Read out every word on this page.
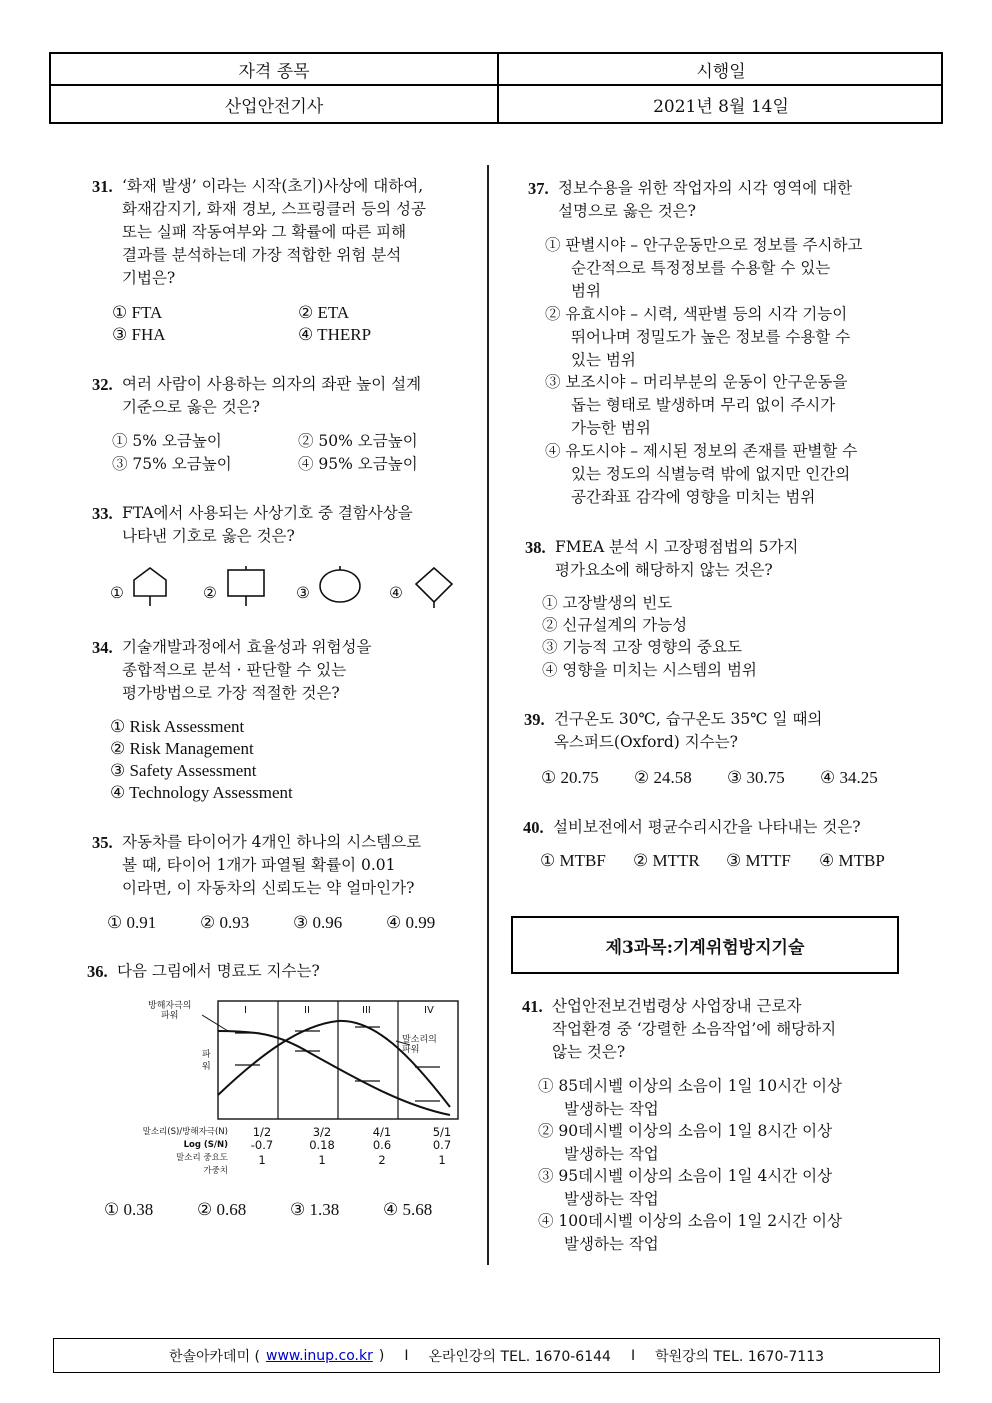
자격 종목	시행일
산업안전기사	2021년 8월 14일
31. ‘화재 발생’ 이라는 시작(초기)사상에 대하여,
화재감지기, 화재 경보, 스프링클러 등의 성공
또는 실패 작동여부와 그 확률에 따른 피해
결과를 분석하는데 가장 적합한 위험 분석
기법은?
① FTA	② ETA
③ FHA	④ THERP
32. 여러 사람이 사용하는 의자의 좌판 높이 설계
기준으로 옳은 것은?
① 5% 오금높이	② 50% 오금높이
③ 75% 오금높이	④ 95% 오금높이
33. FTA에서 사용되는 사상기호 중 결함사상을
나타낸 기호로 옳은 것은?
①	②	③	④
34. 기술개발과정에서 효율성과 위험성을
종합적으로 분석 · 판단할 수 있는
평가방법으로 가장 적절한 것은?
① Risk Assessment
② Risk Management
③ Safety Assessment
④ Technology Assessment
35. 자동차를 타이어가 4개인 하나의 시스템으로
볼 때, 타이어 1개가 파열될 확률이 0.01
이라면, 이 자동차의 신뢰도는 약 얼마인가?
① 0.91	② 0.93	③ 0.96	④ 0.99
36. 다음 그림에서 명료도 지수는?
방해자극의
파워
파
워
말소리의
파워
I	II	III	IV
말소리(S)/방해자극(N)
Log (S/N)
말소리 중요도
가중치
1/2	3/2	4/1	5/1
-0.7	0.18	0.6	0.7
1	1	2	1
① 0.38	② 0.68	③ 1.38	④ 5.68
37. 정보수용을 위한 작업자의 시각 영역에 대한
설명으로 옳은 것은?
① 판별시야 – 안구운동만으로 정보를 주시하고
순간적으로 특정정보를 수용할 수 있는
범위
② 유효시야 – 시력, 색판별 등의 시각 기능이
뛰어나며 정밀도가 높은 정보를 수용할 수
있는 범위
③ 보조시야 – 머리부분의 운동이 안구운동을
돕는 형태로 발생하며 무리 없이 주시가
가능한 범위
④ 유도시야 – 제시된 정보의 존재를 판별할 수
있는 정도의 식별능력 밖에 없지만 인간의
공간좌표 감각에 영향을 미치는 범위
38. FMEA 분석 시 고장평점법의 5가지
평가요소에 해당하지 않는 것은?
① 고장발생의 빈도
② 신규설계의 가능성
③ 기능적 고장 영향의 중요도
④ 영향을 미치는 시스템의 범위
39. 건구온도 30℃, 습구온도 35℃ 일 때의
옥스퍼드(Oxford) 지수는?
① 20.75 ② 24.58 ③ 30.75 ④ 34.25
40. 설비보전에서 평균수리시간을 나타내는 것은?
① MTBF ② MTTR ③ MTTF ④ MTBP
제3과목:기계위험방지기술
41. 산업안전보건법령상 사업장내 근로자
작업환경 중 ‘강렬한 소음작업’에 해당하지
않는 것은?
① 85데시벨 이상의 소음이 1일 10시간 이상
발생하는 작업
② 90데시벨 이상의 소음이 1일 8시간 이상
발생하는 작업
③ 95데시벨 이상의 소음이 1일 4시간 이상
발생하는 작업
④ 100데시벨 이상의 소음이 1일 2시간 이상
발생하는 작업
한솔아카데미 ( www.inup.co.kr ) I 온라인강의 TEL. 1670-6144 I 학원강의 TEL. 1670-7113
